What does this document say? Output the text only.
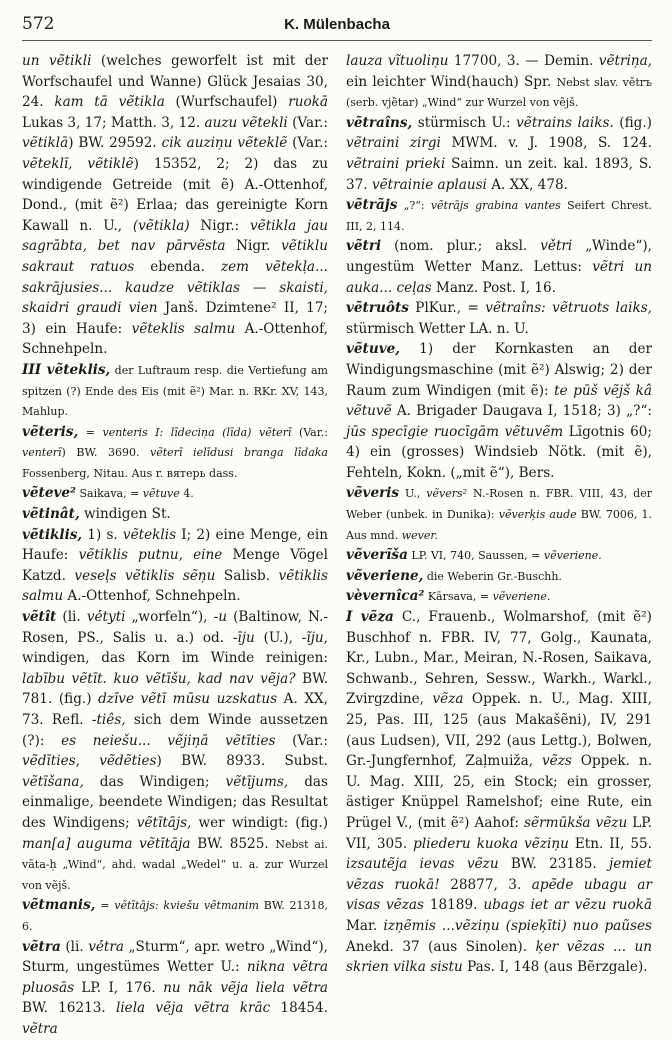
572	K. Mülenbacha

un vẽtikli (welches geworfelt ist mit der Worfschaufel und Wanne) Glück Jesaias 30, 24. kam tā vẽtikla (Wurfschaufel) ruokā Lukas 3, 17; Matth. 3, 12. auzu vẽtekli (Var.: vẽtiklā) BW. 29592. cik auziņu vẽteklẽ (Var.: vẽteklī, vẽtiklẽ) 15352, 2; 2) das zu windigende Getreide (mit ẽ) A.-Ottenhof, Dond., (mit ẽ²) Erlaa; das gereinigte Korn Kawall n. U., (vẽtikla) Nigr.: vẽtikla jau sagrābta, bet nav pārvẽsta Nigr. vẽtiklu sakraut ratuos ebenda. zem vẽtekļa... sakrājusies... kaudze vẽtiklas — skaisti, skaidri graudi vien Janš. Dzimtene² II, 17; 3) ein Haufe: vẽteklis salmu A.-Ottenhof, Schnehpeln.

III vẽteklis, der Luftraum resp. die Vertiefung am spitzen (?) Ende des Eis (mit ẽ²) Mar. n. RKr. XV, 143, Mahlup.

vẽteris, = venteris I: līdeciņa (līda) vẽterī (Var.: venterī) BW. 3690. vẽterī ielīdusi branga līdaka Fossenberg, Nitau. Aus r. вятерь dass.

vẽteve² Saikava, = vẽtuve 4.

vẽtinât, windigen St.

vẽtiklis, 1) s. vẽteklis I; 2) eine Menge, ein Haufe: vẽtiklis putnu, eine Menge Vögel Katzd. veseļs vẽtiklis sẽņu Salisb. vẽtiklis salmu A.-Ottenhof, Schnehpeln.

vẽtît (li. vė́tyti „worfeln“), -u (Baltinow, N.-Rosen, PS., Salis u. a.) od. -īju (U.), -ĩju, windigen, das Korn im Winde reinigen: labību vẽtīt. kuo vẽtīšu, kad nav vẽja? BW. 781. (fig.) dzīve vẽtī mūsu uzskatus A. XX, 73. Refl. -tiês, sich dem Winde aussetzen (?): es neiešu... vẽjiņā vẽtīties (Var.: vẽdīties, vẽdẽties) BW. 8933. Subst. vẽtīšana, das Windigen; vẽtījums, das einmalige, beendete Windigen; das Resultat des Windigens; vẽtītājs, wer windigt: (fig.) man[a] auguma vẽtītāja BW. 8525. Nebst ai. vāta-ḥ „Wind“, ahd. wadal „Wedel“ u. a. zur Wurzel von vẽjš.

vẽtmanis, = vẽtītājs: kviešu vẽtmanim BW. 21318, 6.

vẽtra (li. vė́tra „Sturm“, apr. wetro „Wind“), Sturm, ungestümes Wetter U.: nikna vẽtra pluosās LP. I, 176. nu nāk vẽja liela vẽtra BW. 16213. liela vẽja vẽtra krāc 18454. vẽtra

lauza vĩtuoliņu 17700, 3. — Demin. vẽtriņa, ein leichter Wind(hauch) Spr. Nebst slav. větrъ (serb. vjȅtar) „Wind“ zur Wurzel von vẽjš.

vẽtraîns, stürmisch U.: vẽtrains laiks. (fig.) vẽtraini zirgi MWM. v. J. 1908, S. 124. vẽtraini prieki Saimn. un zeit. kal. 1893, S. 37. vẽtrainie aplausi A. XX, 478.

vẽtrãjs „?“: vẽtrājs grabina vantes Seifert Chrest. III, 2, 114.

vẽtri (nom. plur.; aksl. větri „Winde“), ungestüm Wetter Manz. Lettus: vẽtri un auka... ceļas Manz. Post. I, 16.

vẽtruôts PlKur., = vẽtraîns: vẽtruots laiks, stürmisch Wetter LA. n. U.

vẽtuve, 1) der Kornkasten an der Windigungsmaschine (mit ẽ²) Alswig; 2) der Raum zum Windigen (mit ẽ): te pūš vẽjš kâ vẽtuvẽ A. Brigader Daugava I, 1518; 3) „?“: jūs specīgie ruocīgām vẽtuvẽm Līgotnis 60; 4) ein (grosses) Windsieb Nötk. (mit ẽ), Fehteln, Kokn. („mit ẽ“), Bers.

vẽveris U., vẽvers² N.-Rosen n. FBR. VIII, 43, der Weber (unbek. in Dunika): vẽverķis aude BW. 7006, 1. Aus mnd. wever.

vẽverĩša LP. VI, 740, Saussen, = vẽveriene.

vẽveriene, die Weberin Gr.-Buschh.

vèvernîca² Kārsava, = vẽveriene.

I vẽza C., Frauenb., Wolmarshof, (mit ẽ²) Buschhof n. FBR. IV, 77, Golg., Kaunata, Kr., Lubn., Mar., Meiran, N.-Rosen, Saikava, Schwanb., Sehren, Sessw., Warkh., Warkl., Zvirgzdine, vẽza Oppek. n. U., Mag. XIII, 25, Pas. III, 125 (aus Makašẽni), IV, 291 (aus Ludsen), VII, 292 (aus Lettg.), Bolwen, Gr.-Jungfernhof, Zaļmuiža, vẽzs Oppek. n. U. Mag. XIII, 25, ein Stock; ein grosser, ästiger Knüppel Ramelshof; eine Rute, ein Prügel V., (mit ẽ²) Aahof: sẽrmūkša vẽzu LP. VII, 305. pliederu kuoka vẽziņu Etn. II, 55. izsautẽja ievas vẽzu BW. 23185. jemiet vẽzas ruokā! 28877, 3. apẽde ubagu ar visas vẽzas 18189. ubags iet ar vẽzu ruokā Mar. izņẽmis ...vẽziņu (spieķīti) nuo paũses Anekd. 37 (aus Sinolen). ķer vẽzas ... un skrien vilka sistu Pas. I, 148 (aus Bẽrzgale).
